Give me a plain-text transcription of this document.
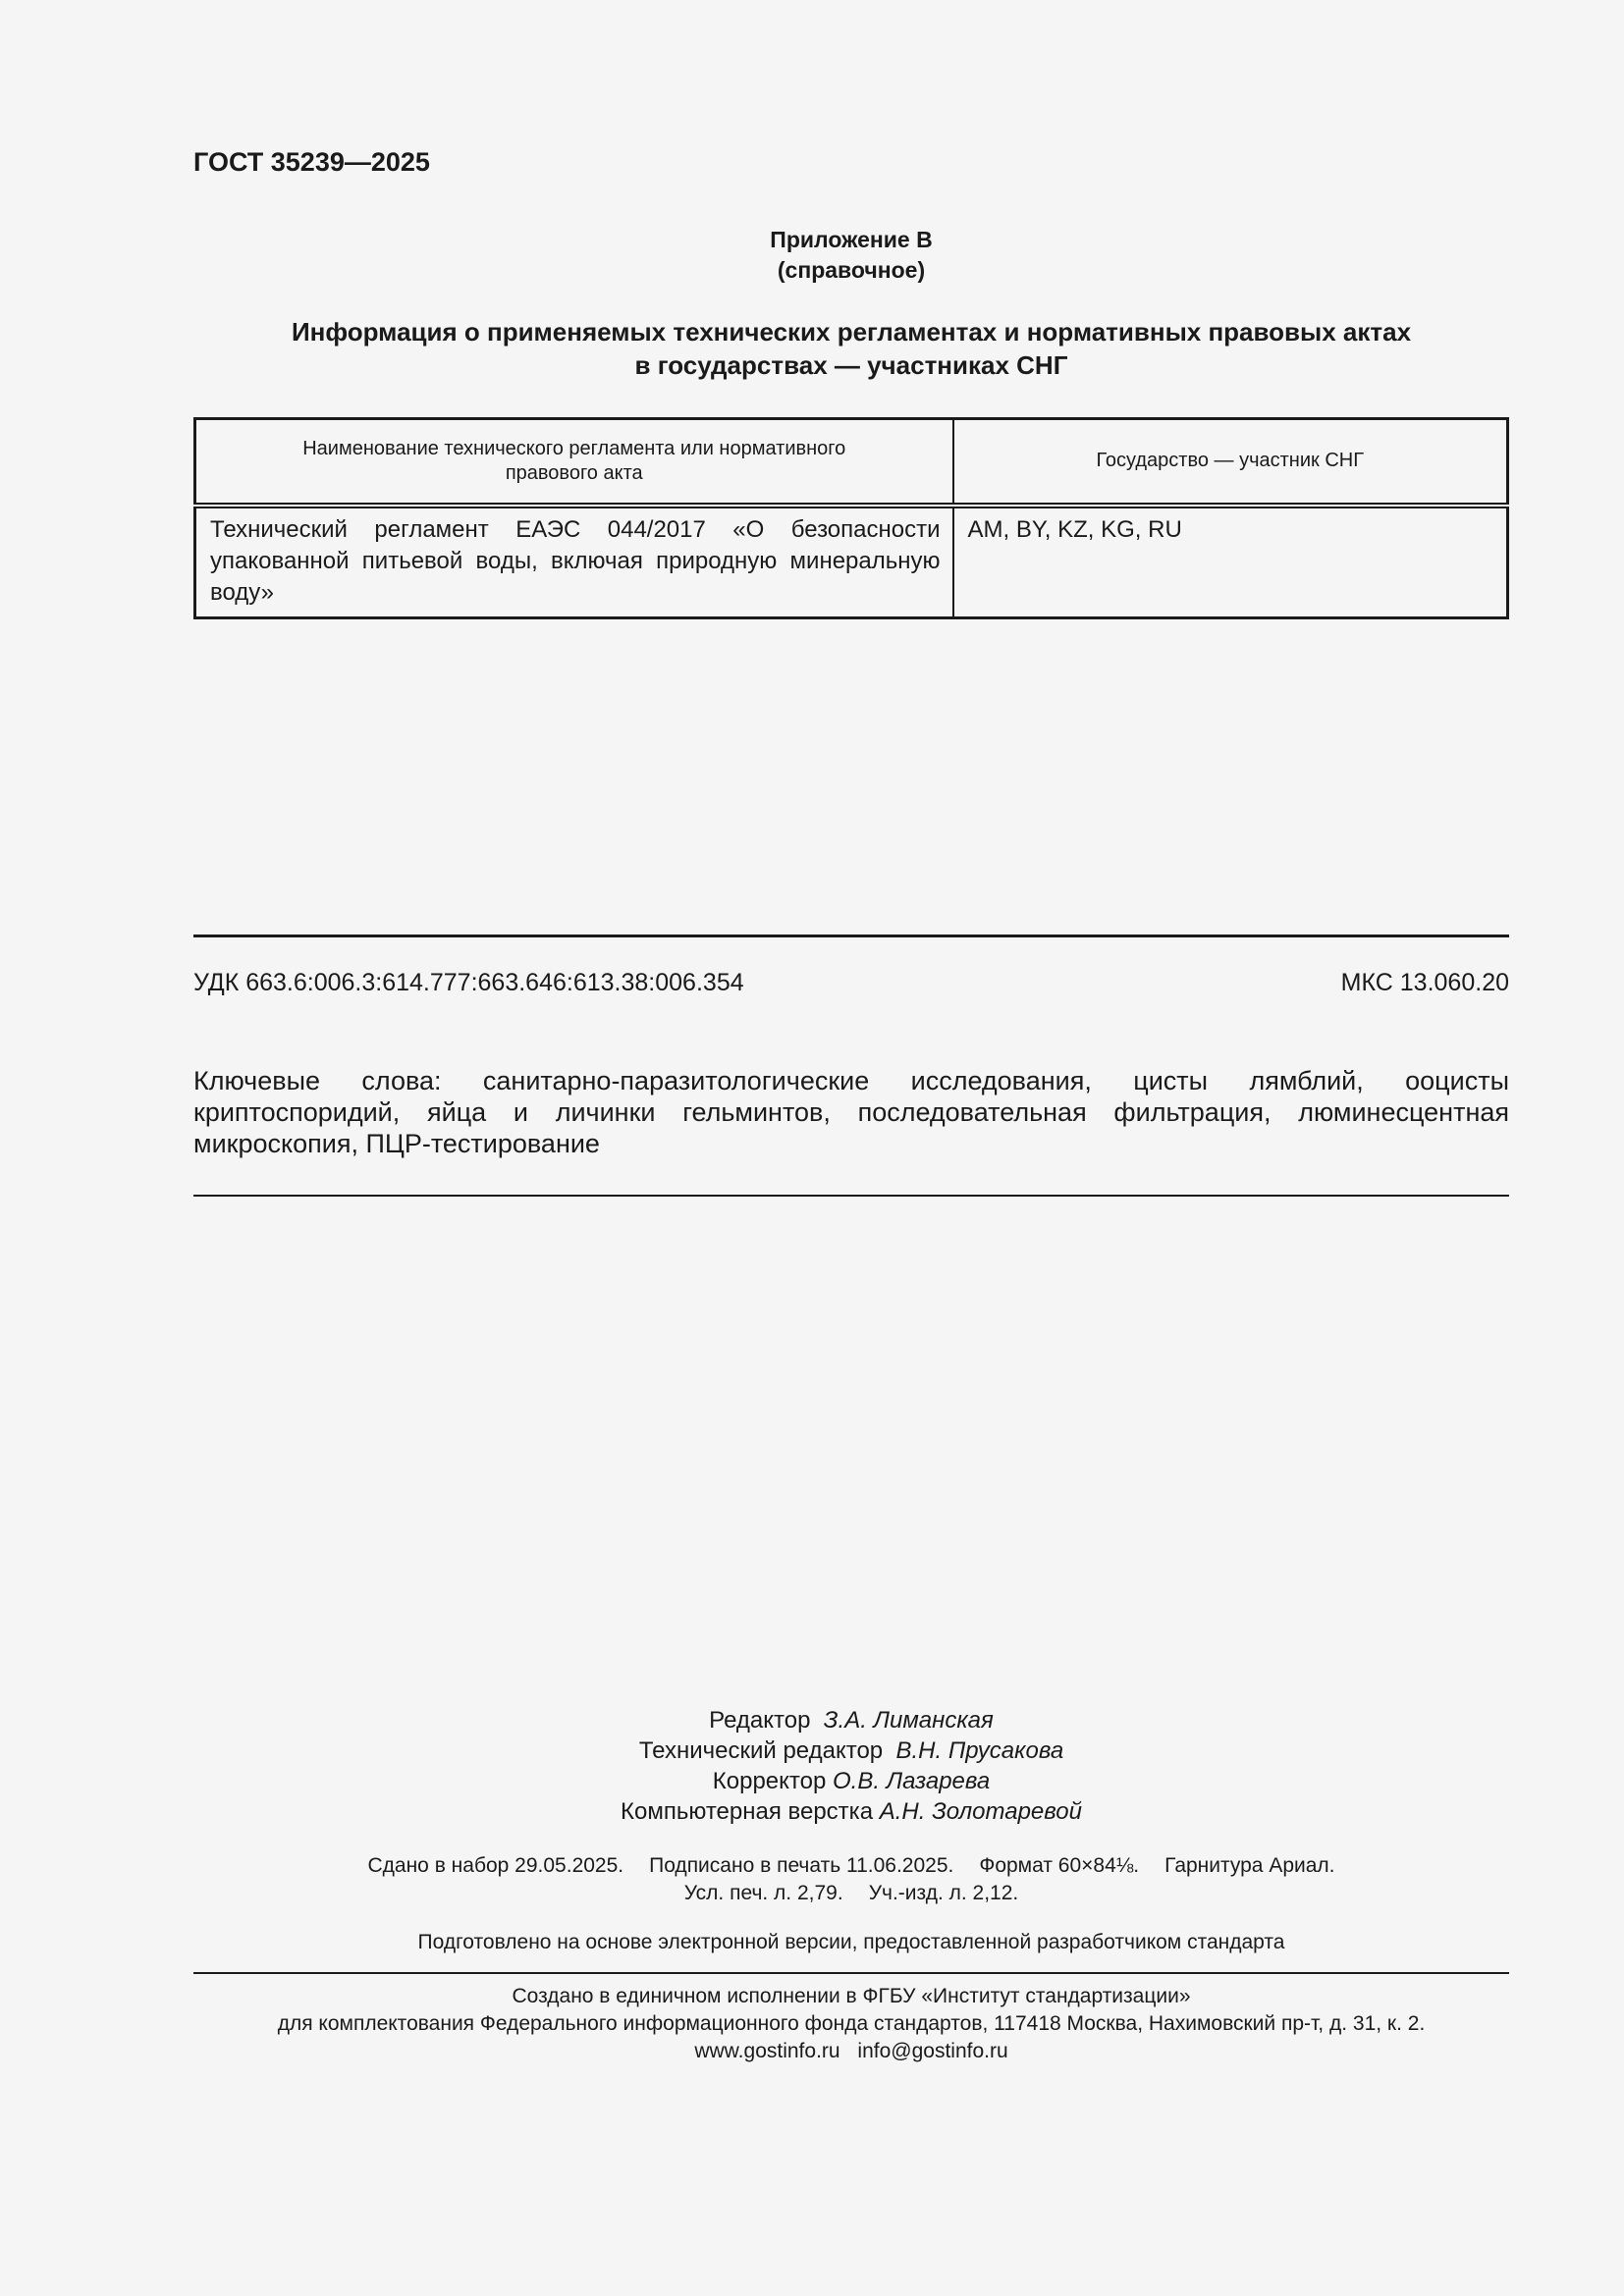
ГОСТ 35239—2025
Приложение В
(справочное)
Информация о применяемых технических регламентах и нормативных правовых актах
в государствах — участниках СНГ
Наименование технического регламента или нормативного правового акта	Государство — участник СНГ
Технический регламент ЕАЭС 044/2017 «О безопасности упакованной питьевой воды, включая природную минеральную воду»	AM, BY, KZ, KG, RU
УДК 663.6:006.3:614.777:663.646:613.38:006.354	МКС 13.060.20
Ключевые слова: санитарно-паразитологические исследования, цисты лямблий, ооцисты криптоспоридий, яйца и личинки гельминтов, последовательная фильтрация, люминесцентная микроскопия, ПЦР-тестирование
Редактор З.А. Лиманская
Технический редактор В.Н. Прусакова
Корректор О.В. Лазарева
Компьютерная верстка А.Н. Золотаревой
Сдано в набор 29.05.2025. Подписано в печать 11.06.2025. Формат 60×84⅛. Гарнитура Ариал.
Усл. печ. л. 2,79. Уч.-изд. л. 2,12.
Подготовлено на основе электронной версии, предоставленной разработчиком стандарта
Создано в единичном исполнении в ФГБУ «Институт стандартизации»
для комплектования Федерального информационного фонда стандартов, 117418 Москва, Нахимовский пр-т, д. 31, к. 2.
www.gostinfo.ru info@gostinfo.ru
